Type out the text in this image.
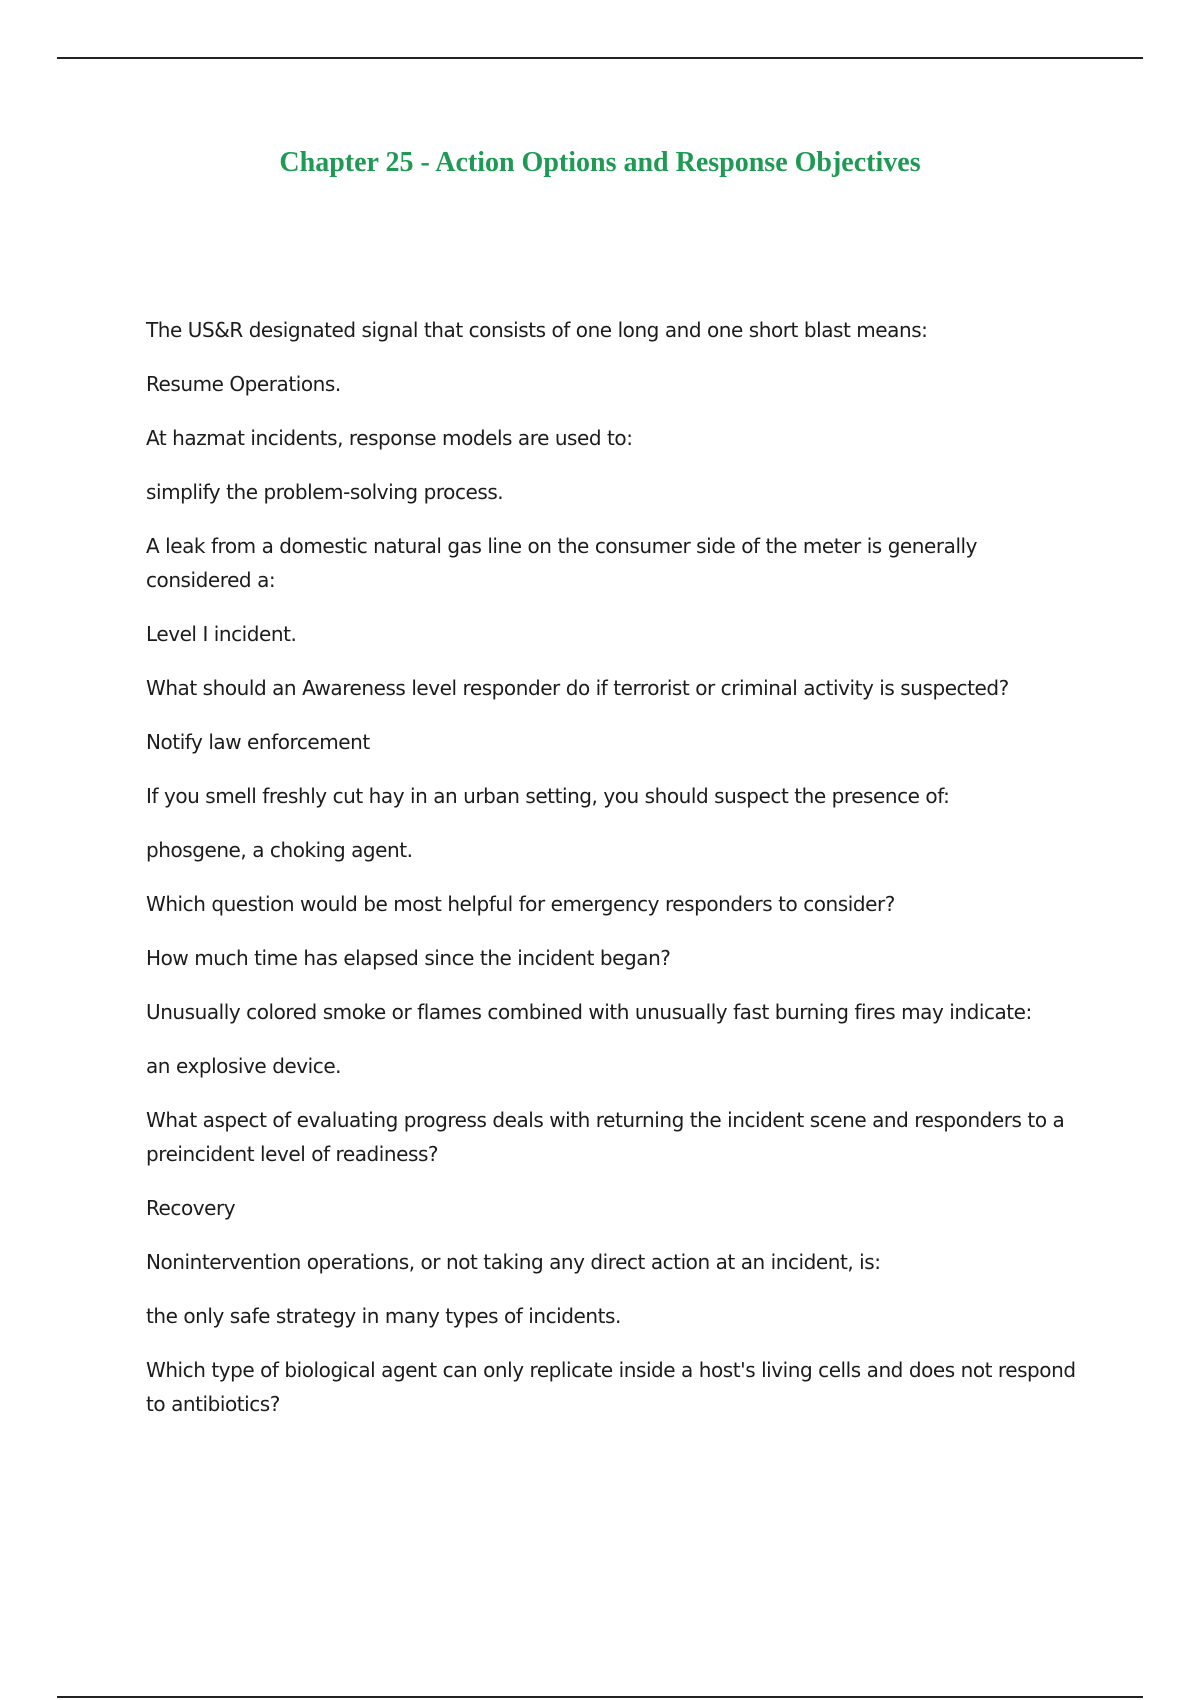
Chapter 25 - Action Options and Response Objectives

The US&R designated signal that consists of one long and one short blast means:

Resume Operations.

At hazmat incidents, response models are used to:

simplify the problem-solving process.

A leak from a domestic natural gas line on the consumer side of the meter is generally considered a:

Level I incident.

What should an Awareness level responder do if terrorist or criminal activity is suspected?

Notify law enforcement

If you smell freshly cut hay in an urban setting, you should suspect the presence of:

phosgene, a choking agent.

Which question would be most helpful for emergency responders to consider?

How much time has elapsed since the incident began?

Unusually colored smoke or flames combined with unusually fast burning fires may indicate:

an explosive device.

What aspect of evaluating progress deals with returning the incident scene and responders to a preincident level of readiness?

Recovery

Nonintervention operations, or not taking any direct action at an incident, is:

the only safe strategy in many types of incidents.

Which type of biological agent can only replicate inside a host's living cells and does not respond to antibiotics?
